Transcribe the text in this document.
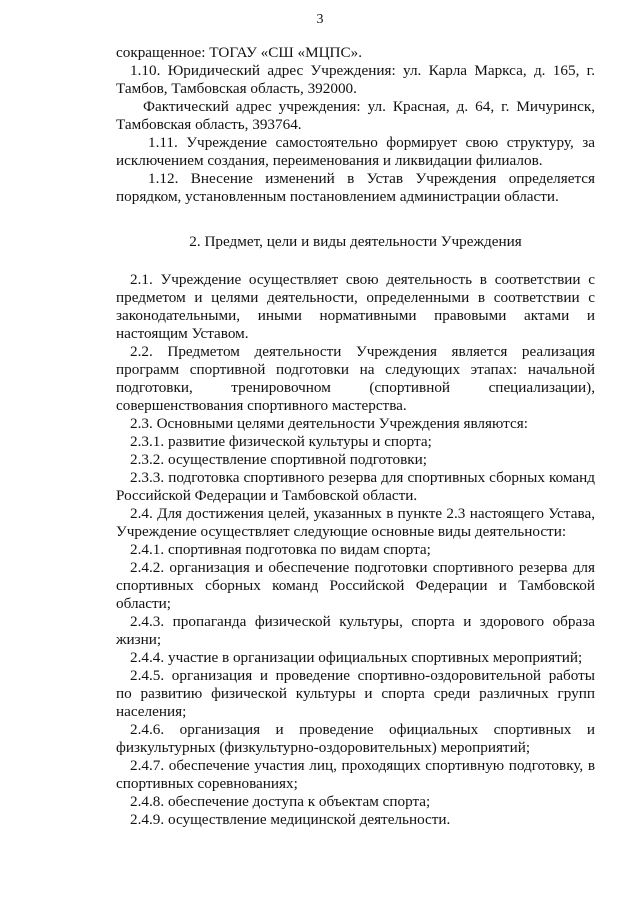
3

сокращенное: ТОГАУ «СШ «МЦПС».

1.10. Юридический адрес Учреждения: ул. Карла Маркса, д. 165, г. Тамбов, Тамбовская область, 392000.

Фактический адрес учреждения: ул. Красная, д. 64, г. Мичуринск, Тамбовская область, 393764.

1.11. Учреждение самостоятельно формирует свою структуру, за исключением создания, переименования и ликвидации филиалов.

1.12. Внесение изменений в Устав Учреждения определяется порядком, установленным постановлением администрации области.

2. Предмет, цели и виды деятельности Учреждения

2.1. Учреждение осуществляет свою деятельность в соответствии с предметом и целями деятельности, определенными в соответствии с законодательными, иными нормативными правовыми актами и настоящим Уставом.

2.2. Предметом деятельности Учреждения является реализация программ спортивной подготовки на следующих этапах: начальной подготовки, тренировочном (спортивной специализации), совершенствования спортивного мастерства.

2.3. Основными целями деятельности Учреждения являются:

2.3.1. развитие физической культуры и спорта;

2.3.2. осуществление спортивной подготовки;

2.3.3. подготовка спортивного резерва для спортивных сборных команд Российской Федерации и Тамбовской области.

2.4. Для достижения целей, указанных в пункте 2.3 настоящего Устава, Учреждение осуществляет следующие основные виды деятельности:

2.4.1. спортивная подготовка по видам спорта;

2.4.2. организация и обеспечение подготовки спортивного резерва для спортивных сборных команд Российской Федерации и Тамбовской области;

2.4.3. пропаганда физической культуры, спорта и здорового образа жизни;

2.4.4. участие в организации официальных спортивных мероприятий;

2.4.5. организация и проведение спортивно-оздоровительной работы по развитию физической культуры и спорта среди различных групп населения;

2.4.6. организация и проведение официальных спортивных и физкультурных (физкультурно-оздоровительных) мероприятий;

2.4.7. обеспечение участия лиц, проходящих спортивную подготовку, в спортивных соревнованиях;

2.4.8. обеспечение доступа к объектам спорта;

2.4.9. осуществление медицинской деятельности.
